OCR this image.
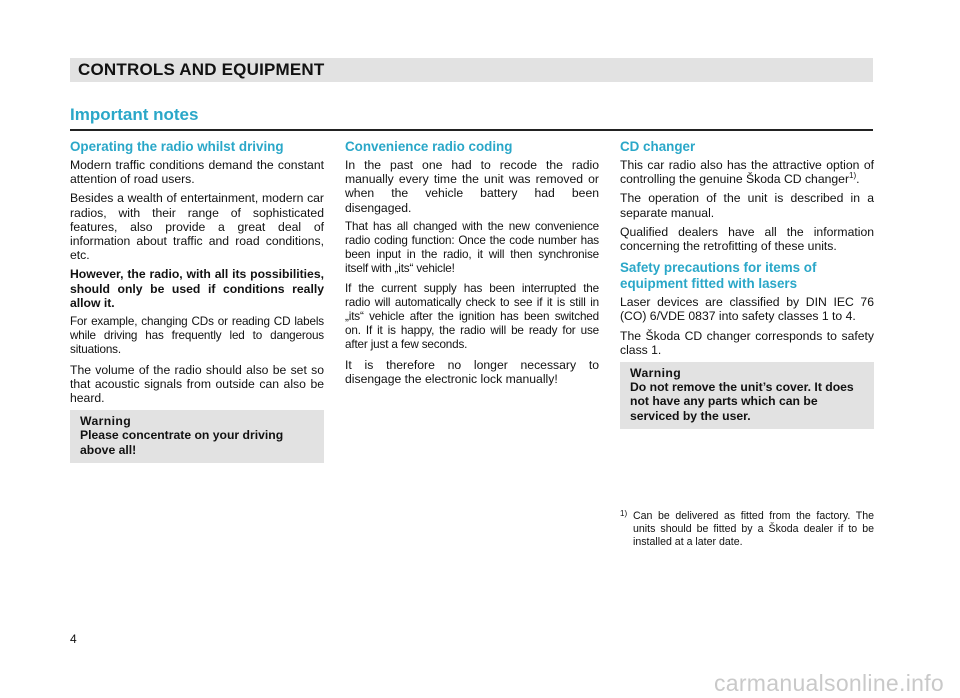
CONTROLS AND EQUIPMENT
Important notes
Operating the radio whilst driving

Modern traffic conditions demand the constant attention of road users.

Besides a wealth of entertainment, modern car radios, with their range of sophisticated features, also provide a great deal of information about traffic and road conditions, etc.

However, the radio, with all its possibilities, should only be used if conditions really allow it.

For example, changing CDs or reading CD labels while driving has frequently led to dangerous situations.

The volume of the radio should also be set so that acoustic signals from outside can also be heard.

Warning
Please concentrate on your driving above all!
Convenience radio coding

In the past one had to recode the radio manually every time the unit was removed or when the vehicle battery had been disengaged.

That has all changed with the new convenience radio coding function: Once the code number has been input in the radio, it will then synchronise itself with „its“ vehicle!

If the current supply has been interrupted the radio will automatically check to see if it is still in „its“ vehicle after the ignition has been switched on. If it is happy, the radio will be ready for use after just a few seconds.

It is therefore no longer necessary to disengage the electronic lock manually!

CD changer

This car radio also has the attractive option of controlling the genuine Škoda CD changer$^{1)}$.

The operation of the unit is described in a separate manual.

Qualified dealers have all the information concerning the retrofitting of these units.

Safety precautions for items of equipment fitted with lasers

Laser devices are classified by DIN IEC 76 (CO) 6/VDE 0837 into safety classes 1 to 4.

The Škoda CD changer corresponds to safety class 1.

Warning
Do not remove the unit’s cover. It does not have any parts which can be serviced by the user.
1) Can be delivered as fitted from the factory. The units should be fitted by a Škoda dealer if to be installed at a later date.
4
carmanualsonline.info
